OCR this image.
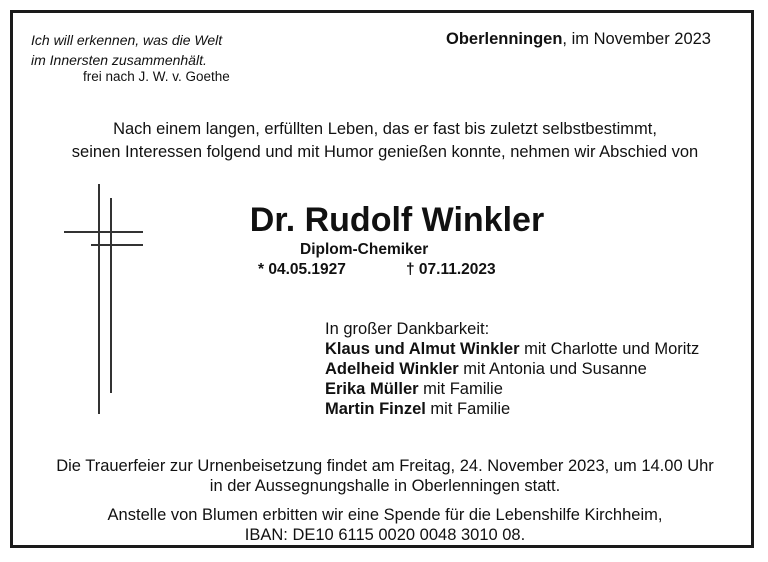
Ich will erkennen, was die Welt
im Innersten zusammenhält.
frei nach J. W. v. Goethe
Oberlenningen, im November 2023
Nach einem langen, erfüllten Leben, das er fast bis zuletzt selbstbestimmt,
seinen Interessen folgend und mit Humor genießen konnte, nehmen wir Abschied von
Dr. Rudolf Winkler
Diplom-Chemiker
* 04.05.1927	† 07.11.2023
In großer Dankbarkeit:
Klaus und Almut Winkler mit Charlotte und Moritz
Adelheid Winkler mit Antonia und Susanne
Erika Müller mit Familie
Martin Finzel mit Familie
Die Trauerfeier zur Urnenbeisetzung findet am Freitag, 24. November 2023, um 14.00 Uhr
in der Aussegnungshalle in Oberlenningen statt.
Anstelle von Blumen erbitten wir eine Spende für die Lebenshilfe Kirchheim,
IBAN: DE10 6115 0020 0048 3010 08.
